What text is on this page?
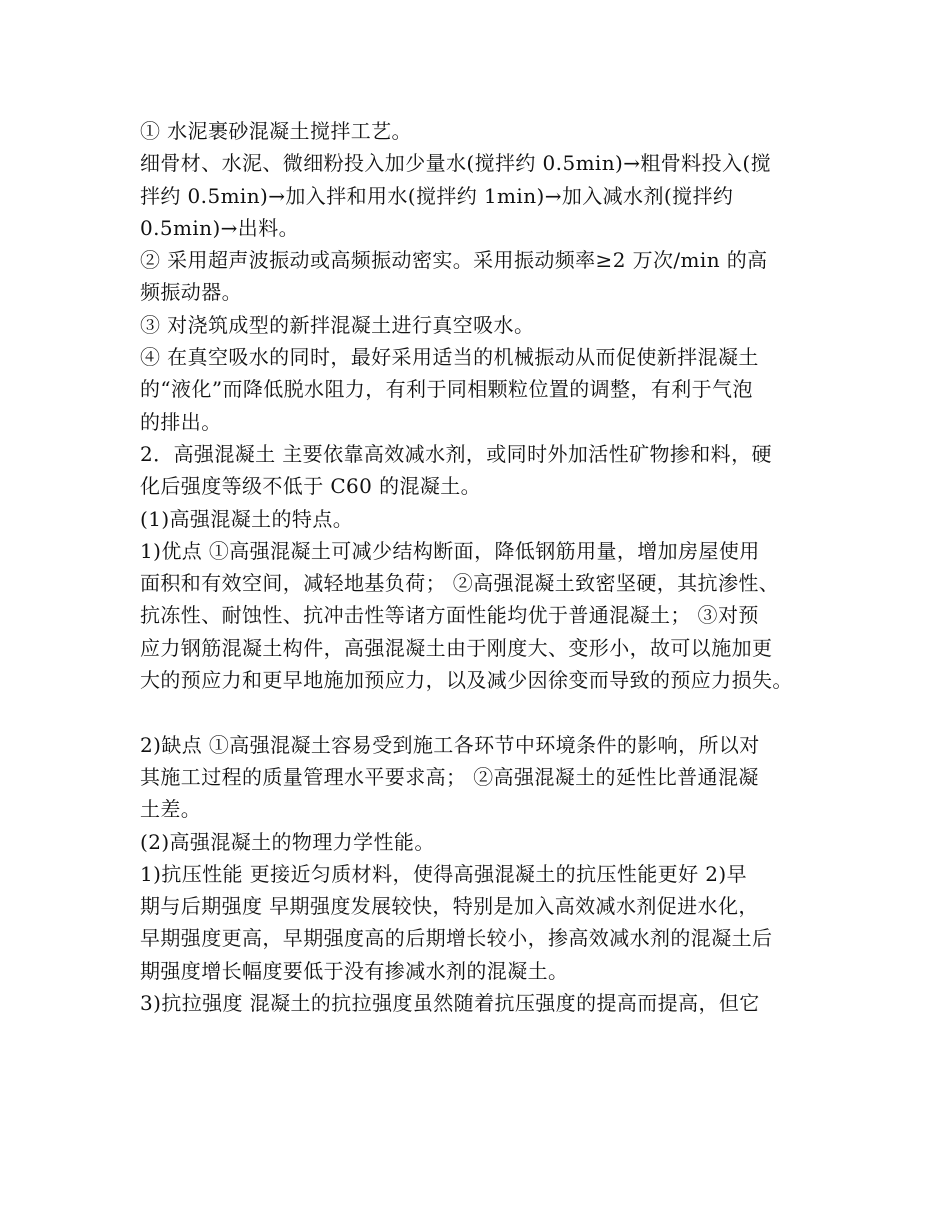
① 水泥裹砂混凝土搅拌工艺。
细骨材、水泥、微细粉投入加少量水(搅拌约 0.5min)→粗骨料投入(搅
拌约 0.5min)→加入拌和用水(搅拌约 1min)→加入减水剂(搅拌约
0.5min)→出料。
② 采用超声波振动或高频振动密实。采用振动频率≥2 万次/min 的高
频振动器。
③ 对浇筑成型的新拌混凝土进行真空吸水。
④ 在真空吸水的同时，最好采用适当的机械振动从而促使新拌混凝土
的“液化”而降低脱水阻力，有利于同相颗粒位置的调整，有利于气泡
的排出。
2．高强混凝土 主要依靠高效减水剂，或同时外加活性矿物掺和料，硬
化后强度等级不低于 C60 的混凝土。
(1)高强混凝土的特点。
1)优点 ①高强混凝土可减少结构断面，降低钢筋用量，增加房屋使用
面积和有效空间，减轻地基负荷； ②高强混凝土致密坚硬，其抗渗性、
抗冻性、耐蚀性、抗冲击性等诸方面性能均优于普通混凝土； ③对预
应力钢筋混凝土构件，高强混凝土由于刚度大、变形小，故可以施加更
大的预应力和更早地施加预应力，以及减少因徐变而导致的预应力损失。
2)缺点 ①高强混凝土容易受到施工各环节中环境条件的影响，所以对
其施工过程的质量管理水平要求高； ②高强混凝土的延性比普通混凝
土差。
(2)高强混凝土的物理力学性能。
1)抗压性能 更接近匀质材料，使得高强混凝土的抗压性能更好 2)早
期与后期强度 早期强度发展较快，特别是加入高效减水剂促进水化，
早期强度更高，早期强度高的后期增长较小，掺高效减水剂的混凝土后
期强度增长幅度要低于没有掺减水剂的混凝土。
3)抗拉强度 混凝土的抗拉强度虽然随着抗压强度的提高而提高，但它
